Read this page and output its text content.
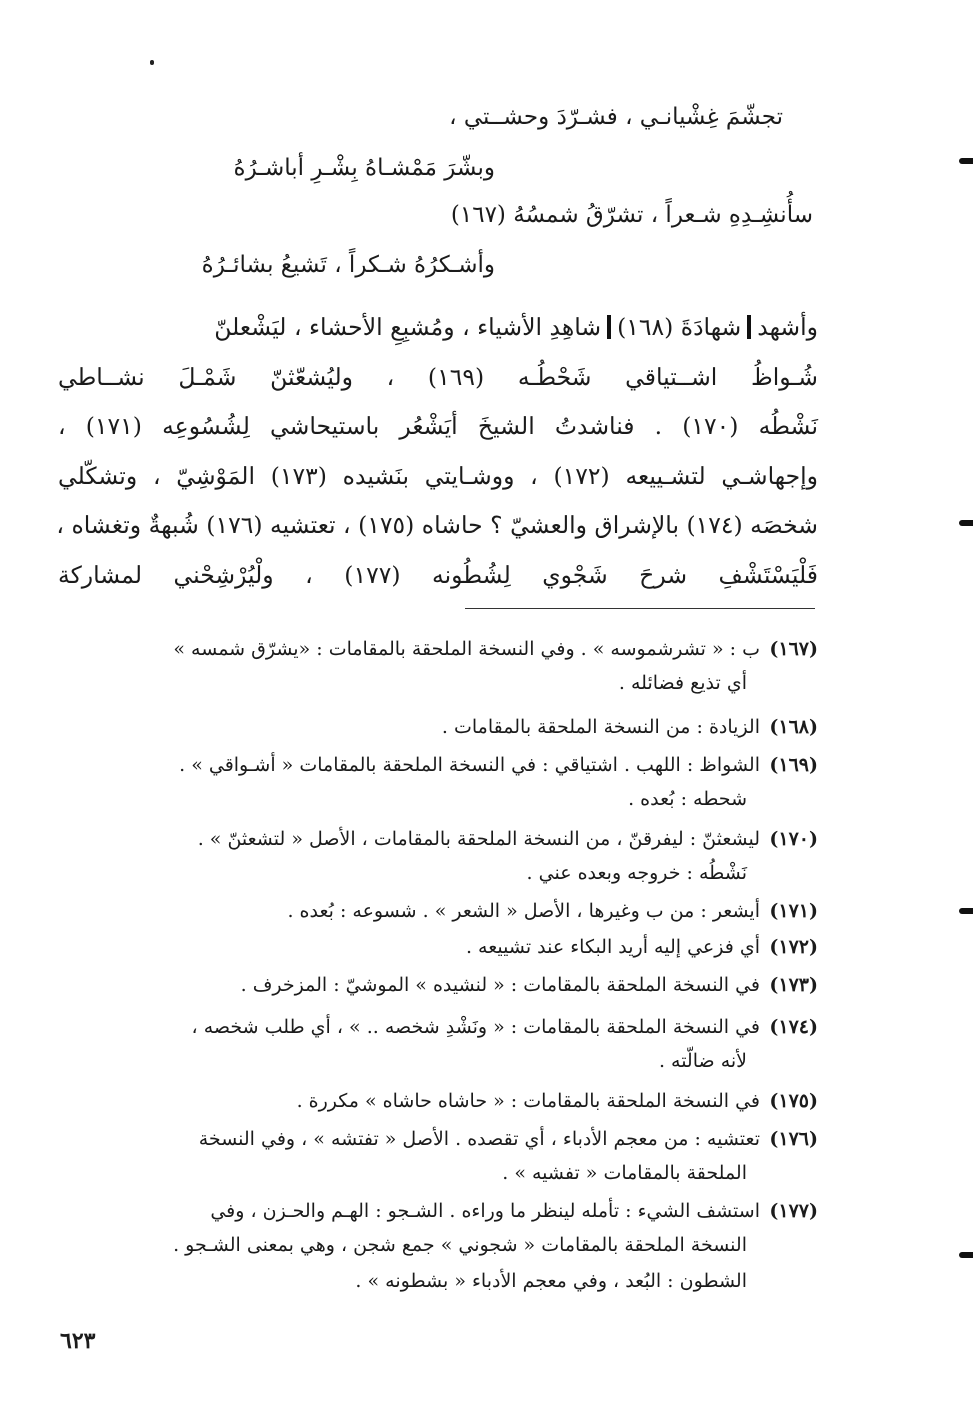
تجشّمَ غِشْيانـي ، فشـرّدَ وحشــتي ،
وبشّرَ مَمْشـاهُ بِشْـرِ أباشـرُهُ
سأُنشِـدِهِ شـعراً ، تشرّقُ شمسُهُ (١٦٧)
وأشـكرُهُ شـكراً ، تَشيعُ بشائـرُهُ
وأشهدشهادَةَ (١٦٨)شاهِدِ الأشياء ، ومُشبِعِ الأحشاء ، ليَشْعلنّ
شُـواظُ اشــتياقي شَحْطُـه (١٦٩) ، وليُشعّثنّ شَمْـلَ نشــاطي
نَشْطُه (١٧٠) . فناشدتُ الشيخَ أيَشْعُر باستيحاشي لِشُسُوعِه (١٧١) ،
وإجهاشـي لتشـييعه (١٧٢) ، ووشـايتي بنَشيده (١٧٣) المَوْشِيّ ، وتشكّلي
شخصَه (١٧٤) بالإشراق والعشيّ ؟ حاشاه (١٧٥) ، تعتشيه (١٧٦) شُبهةٌ وتغشاه ،
فَلْيَسْتَشْفِ شرحَ شَجْوي لِشُطُونه (١٧٧) ، ولْيُرْشِحْني لمشاركة
(١٦٧)ب : « تشرشموسه » . وفي النسخة الملحقة بالمقامات : «يشرّق شمسه »
أي تذيع فضائله .
(١٦٨)الزيادة : من النسخة الملحقة بالمقامات .
(١٦٩)الشواظ : اللهب . اشتياقي : في النسخة الملحقة بالمقامات « أشـواقي » .
شحطه : بُعده .
(١٧٠)ليشعثنّ : ليفرقنّ ، من النسخة الملحقة بالمقامات ، الأصل « لتشعثنّ » .
نَشْطُه : خروجه وبعده عني .
(١٧١)أيشعر : من ب وغيرها ، الأصل « الشعر » . شسوعه : بُعده .
(١٧٢)أي فزعي إليه أريد البكاء عند تشييعه .
(١٧٣)في النسخة الملحقة بالمقامات : « لنشيده » الموشيّ : المزخرف .
(١٧٤)في النسخة الملحقة بالمقامات : « ونَشْدِ شخصه .. » ، أي طلب شخصه ،
لأنه ضالّته .
(١٧٥)في النسخة الملحقة بالمقامات : « حاشاه حاشاه » مكررة .
(١٧٦)تعتشيه : من معجم الأدباء ، أي تقصده . الأصل « تفتشه » ، وفي النسخة
الملحقة بالمقامات « تفشيه » .
(١٧٧)استشف الشيء : تأمله لينظر ما وراءه . الشـجو : الهـم والحـزن ، وفي
النسخة الملحقة بالمقامات « شجوني » جمع شجن ، وهي بمعنى الشـجو .
الشطون : البُعد ، وفي معجم الأدباء « بشطونه » .
٦٢٣
